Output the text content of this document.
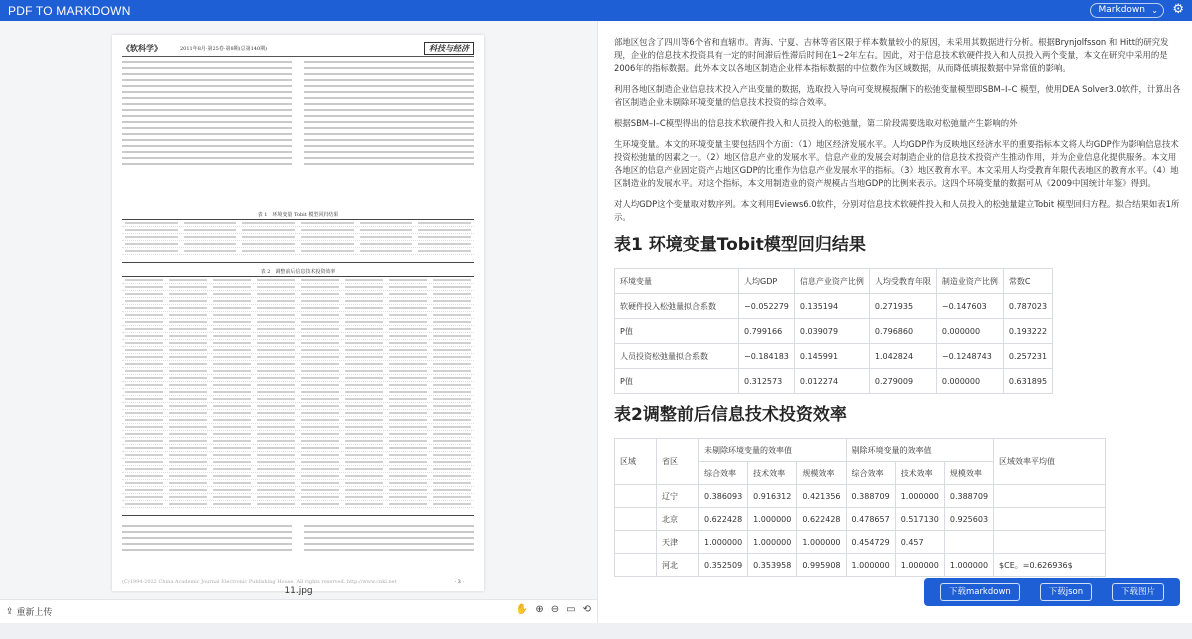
PDF TO MARKDOWN	Markdown ⌄ ⚙
《软科学》	2011年8月·第25卷·第8期(总第140期)	科技与经济
表 1　环境变量 Tobit 模型回归结果
表 2　调整前后信息技术投资效率
(C)1994-2022 China Academic Journal Electronic Publishing House. All rights reserved. http://www.cnki.net	· 3 ·
11.jpg
⇪ 重新上传	✋ ⊕ ⊖ ▭ ⟲

部地区包含了四川等6个省和直辖市。青海、宁夏、吉林等省区限于样本数量较小的原因，未采用其数据进行分析。根据Brynjolfsson 和 Hitt的研究发现，企业的信息技术投资具有一定的时间滞后性滞后时间在1~2年左右。因此，对于信息技术软硬件投入和人员投入两个变量，本文在研究中采用的是2006年的指标数据。此外本文以各地区制造企业样本指标数据的中位数作为区域数据，从而降低填报数据中异常值的影响。

利用各地区制造企业信息技术投入产出变量的数据，选取投入导向可变规模报酬下的松弛变量模型即SBM–I–C 模型，使用DEA Solver3.0软件，计算出各省区制造企业未剔除环境变量的信息技术投资的综合效率。

根据SBM–I–C模型得出的信息技术软硬件投入和人员投入的松弛量，第二阶段需要选取对松弛量产生影响的外

生环境变量。本文的环境变量主要包括四个方面：（1）地区经济发展水平。人均GDP作为反映地区经济水平的重要指标本文将人均GDP作为影响信息技术投资松弛量的因素之一。（2）地区信息产业的发展水平。信息产业的发展会对制造企业的信息技术投资产生推动作用，并为企业信息化提供服务。本文用各地区的信息产业固定资产占地区GDP的比重作为信息产业发展水平的指标。（3）地区教育水平。本文采用人均受教育年限代表地区的教育水平。（4）地区制造业的发展水平。对这个指标，本文用制造业的资产规模占当地GDP的比例来表示。这四个环境变量的数据可从《2009中国统计年鉴》得到。

对人均GDP这个变量取对数序列。本文利用Eviews6.0软件，分别对信息技术软硬件投入和人员投入的松弛量建立Tobit 模型回归方程。拟合结果如表1所示。

表1 环境变量Tobit模型回归结果
环境变量	人均GDP	信息产业资产比例	人均受教育年限	制造业资产比例	常数C
软硬件投入松弛量拟合系数	−0.052279	0.135194	0.271935	−0.147603	0.787023
P值	0.799166	0.039079	0.796860	0.000000	0.193222
人员投资松弛量拟合系数	−0.184183	0.145991	1.042824	−0.1248743	0.257231
P值	0.312573	0.012274	0.279009	0.000000	0.631895
表2调整前后信息技术投资效率
区域	省区	未剔除环境变量的效率值			剔除环境变量的效率值			区域效率平均值
		综合效率	技术效率	规模效率	综合效率	技术效率	规模效率	
	辽宁	0.386093	0.916312	0.421356	0.388709	1.000000	0.388709	
	北京	0.622428	1.000000	0.622428	0.478657	0.517130	0.925603	
	天津	1.000000	1.000000	1.000000	0.454729	0.457		
	河北	0.352509	0.353958	0.995908	1.000000	1.000000	1.000000	$CE。=0.626936$
下载markdown	下载json	下载图片
